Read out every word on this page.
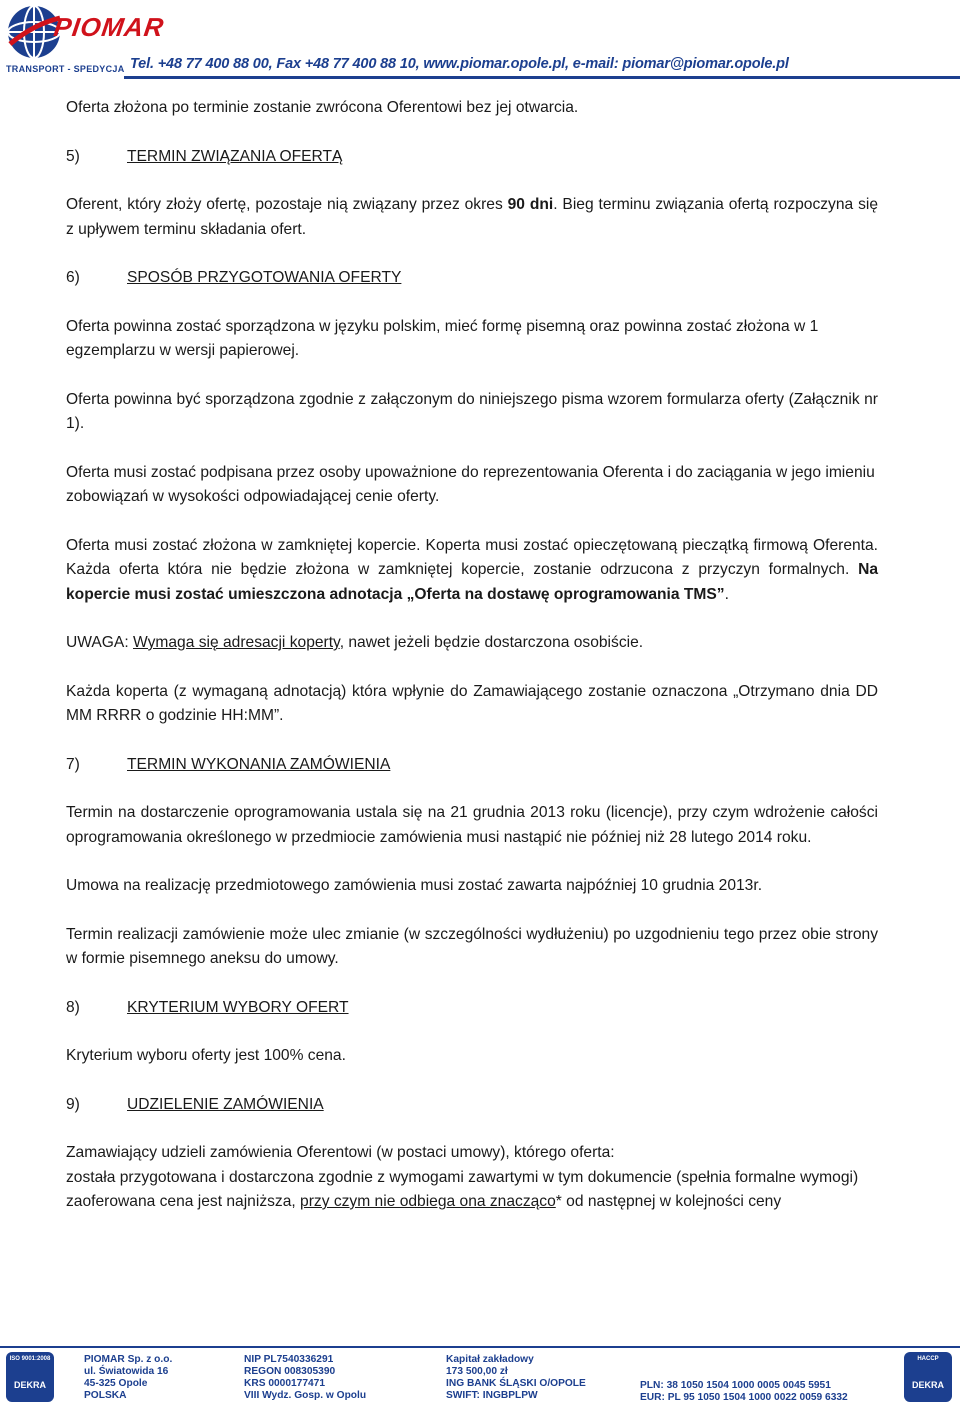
PIOMAR
TRANSPORT - SPEDYCJA Tel. +48 77 400 88 00, Fax +48 77 400 88 10, www.piomar.opole.pl, e-mail: piomar@piomar.opole.pl

Oferta złożona po terminie zostanie zwrócona Oferentowi bez jej otwarcia.

5)	TERMIN ZWIĄZANIA OFERTĄ

Oferent, który złoży ofertę, pozostaje nią związany przez okres 90 dni. Bieg terminu związania ofertą rozpoczyna się z upływem terminu składania ofert.

6)	SPOSÓB PRZYGOTOWANIA OFERTY

Oferta powinna zostać sporządzona w języku polskim, mieć formę pisemną oraz powinna zostać złożona w 1 egzemplarzu w wersji papierowej.

Oferta powinna być sporządzona zgodnie z załączonym do niniejszego pisma wzorem formularza oferty (Załącznik nr 1).

Oferta musi zostać podpisana przez osoby upoważnione do reprezentowania Oferenta i do zaciągania w jego imieniu zobowiązań w wysokości odpowiadającej cenie oferty.

Oferta musi zostać złożona w zamkniętej kopercie. Koperta musi zostać opieczętowaną pieczątką firmową Oferenta. Każda oferta która nie będzie złożona w zamkniętej kopercie, zostanie odrzucona z przyczyn formalnych. Na kopercie musi zostać umieszczona adnotacja „Oferta na dostawę oprogramowania TMS”.

UWAGA: Wymaga się adresacji koperty, nawet jeżeli będzie dostarczona osobiście.

Każda koperta (z wymaganą adnotacją) która wpłynie do Zamawiającego zostanie oznaczona „Otrzymano dnia DD MM RRRR o godzinie HH:MM”.

7)	TERMIN WYKONANIA ZAMÓWIENIA

Termin na dostarczenie oprogramowania ustala się na 21 grudnia 2013 roku (licencje), przy czym wdrożenie całości oprogramowania określonego w przedmiocie zamówienia musi nastąpić nie później niż 28 lutego 2014 roku.

Umowa na realizację przedmiotowego zamówienia musi zostać zawarta najpóźniej 10 grudnia 2013r.

Termin realizacji zamówienie może ulec zmianie (w szczególności wydłużeniu) po uzgodnieniu tego przez obie strony w formie pisemnego aneksu do umowy.

8)	KRYTERIUM WYBORY OFERT

Kryterium wyboru oferty jest 100% cena.

9)	UDZIELENIE ZAMÓWIENIA

Zamawiający udzieli zamówienia Oferentowi (w postaci umowy), którego oferta:

została przygotowana i dostarczona zgodnie z wymogami zawartymi w tym dokumencie (spełnia formalne wymogi)

zaoferowana cena jest najniższa, przy czym nie odbiega ona znacząco* od następnej w kolejności ceny

ISO 9001:2008
DEKRA
PIOMAR Sp. z o.o.
ul. Światowida 16
45-325 Opole
POLSKA
NIP PL7540336291
REGON 008305390
KRS 0000177471
VIII Wydz. Gosp. w Opolu
Kapitał zakładowy
173 500,00 zł
ING BANK ŚLĄSKI O/OPOLE
SWIFT: INGBPLPW
PLN: 38 1050 1504 1000 0005 0045 5951
EUR: PL 95 1050 1504 1000 0022 0059 6332
HACCP
DEKRA
